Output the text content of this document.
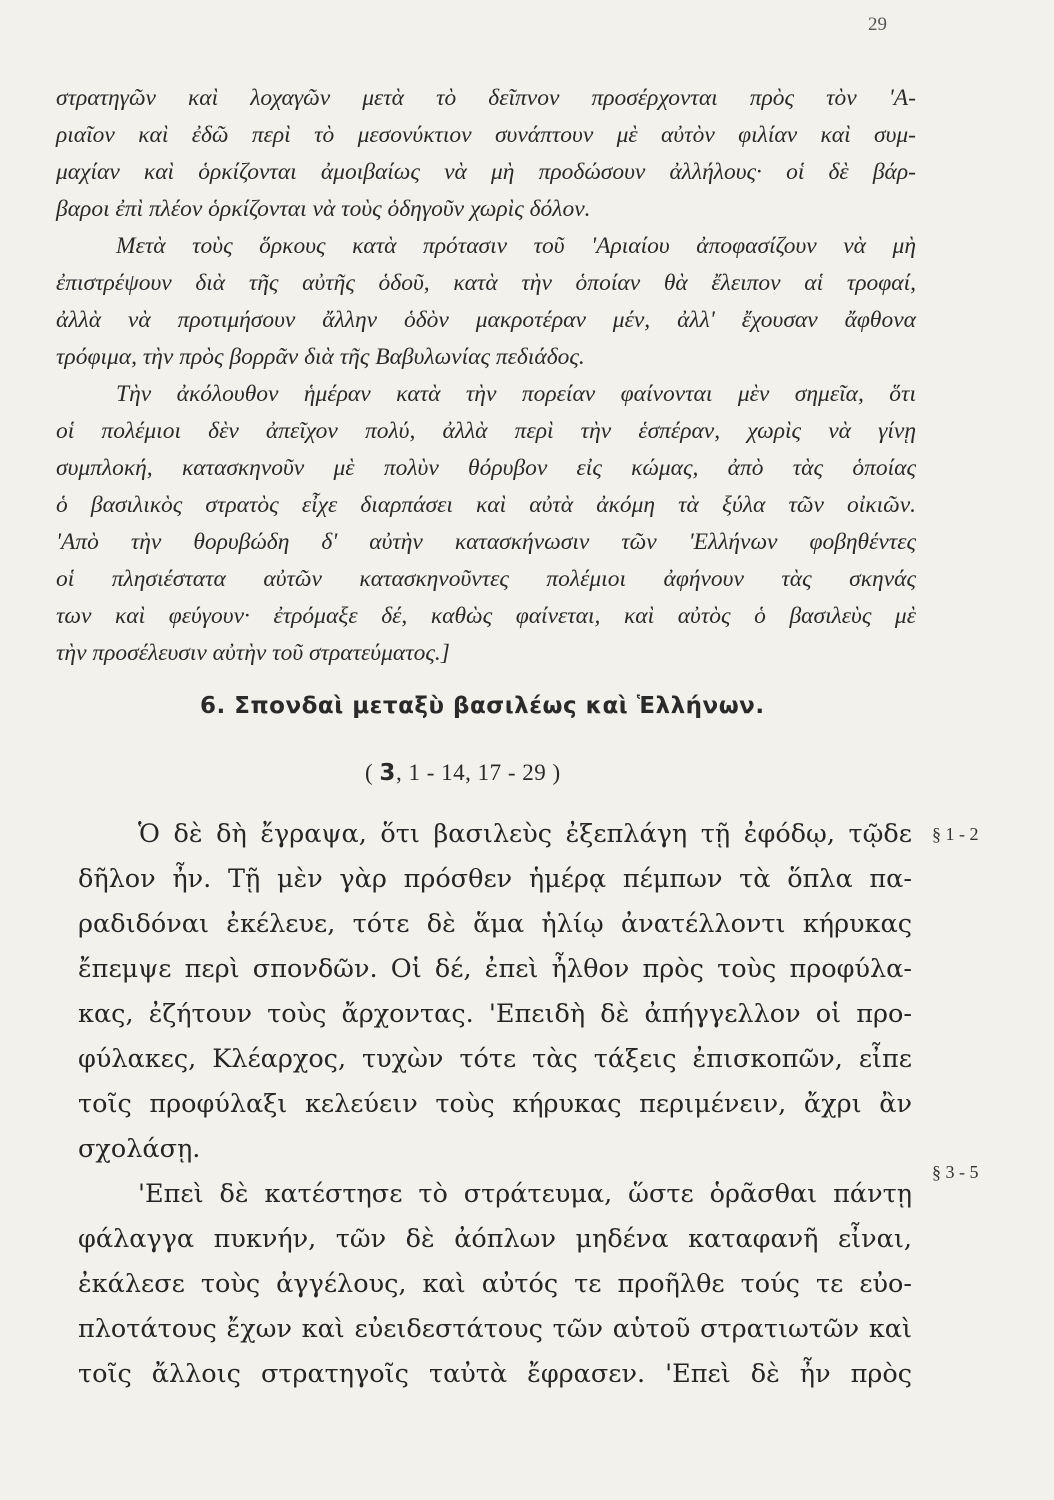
29
στρατηγῶν καὶ λοχαγῶν μετὰ τὸ δεῖπνον προσέρχονται πρὸς τὸν 'Α-
ριαῖον καὶ ἐδῶ περὶ τὸ μεσονύκτιον συνάπτουν μὲ αὐτὸν φιλίαν καὶ συμ-
μαχίαν καὶ ὁρκίζονται ἀμοιβαίως νὰ μὴ προδώσουν ἀλλήλους· οἱ δὲ βάρ-
βαροι ἐπὶ πλέον ὁρκίζονται νὰ τοὺς ὁδηγοῦν χωρὶς δόλον.
Μετὰ τοὺς ὅρκους κατὰ πρότασιν τοῦ 'Αριαίου ἀποφασίζουν νὰ μὴ
ἐπιστρέψουν διὰ τῆς αὐτῆς ὁδοῦ, κατὰ τὴν ὁποίαν θὰ ἔλειπον αἱ τροφαί,
ἀλλὰ νὰ προτιμήσουν ἄλλην ὁδὸν μακροτέραν μέν, ἀλλ' ἔχουσαν ἄφθονα
τρόφιμα, τὴν πρὸς βορρᾶν διὰ τῆς Βαβυλωνίας πεδιάδος.
Τὴν ἀκόλουθον ἡμέραν κατὰ τὴν πορείαν φαίνονται μὲν σημεῖα, ὅτι
οἱ πολέμιοι δὲν ἀπεῖχον πολύ, ἀλλὰ περὶ τὴν ἑσπέραν, χωρὶς νὰ γίνῃ
συμπλοκή, κατασκηνοῦν μὲ πολὺν θόρυβον εἰς κώμας, ἀπὸ τὰς ὁποίας
ὁ βασιλικὸς στρατὸς εἶχε διαρπάσει καὶ αὐτὰ ἀκόμη τὰ ξύλα τῶν οἰκιῶν.
'Απὸ τὴν θορυβώδη δ' αὐτὴν κατασκήνωσιν τῶν 'Ελλήνων φοβηθέντες
οἱ πλησιέστατα αὐτῶν κατασκηνοῦντες πολέμιοι ἀφήνουν τὰς σκηνάς
των καὶ φεύγουν· ἐτρόμαξε δέ, καθὼς φαίνεται, καὶ αὐτὸς ὁ βασιλεὺς μὲ
τὴν προσέλευσιν αὐτὴν τοῦ στρατεύματος.]
6. Σπονδαὶ μεταξὺ βασιλέως καὶ Ἑλλήνων.
( 3, 1 - 14, 17 - 29 )
Ὁ δὲ δὴ ἔγραψα, ὅτι βασιλεὺς ἐξεπλάγη τῇ ἐφόδῳ, τῷδε
δῆλον ἦν. Τῇ μὲν γὰρ πρόσθεν ἡμέρᾳ πέμπων τὰ ὅπλα πα-
ραδιδόναι ἐκέλευε, τότε δὲ ἅμα ἡλίῳ ἀνατέλλοντι κήρυκας
ἔπεμψε περὶ σπονδῶν. Οἱ δέ, ἐπεὶ ἦλθον πρὸς τοὺς προφύλα-
κας, ἐζήτουν τοὺς ἄρχοντας. 'Επειδὴ δὲ ἀπήγγελλον οἱ προ-
φύλακες, Κλέαρχος, τυχὼν τότε τὰς τάξεις ἐπισκοπῶν, εἶπε
τοῖς προφύλαξι κελεύειν τοὺς κήρυκας περιμένειν, ἄχρι ἂν
σχολάσῃ.
'Επεὶ δὲ κατέστησε τὸ στράτευμα, ὥστε ὁρᾶσθαι πάντῃ
φάλαγγα πυκνήν, τῶν δὲ ἀόπλων μηδένα καταφανῆ εἶναι,
ἐκάλεσε τοὺς ἀγγέλους, καὶ αὐτός τε προῆλθε τούς τε εὐο-
πλοτάτους ἔχων καὶ εὐειδεστάτους τῶν αὑτοῦ στρατιωτῶν καὶ
τοῖς ἄλλοις στρατηγοῖς ταὐτὰ ἔφρασεν. 'Επεὶ δὲ ἦν πρὸς
§ 1 - 2
§ 3 - 5
